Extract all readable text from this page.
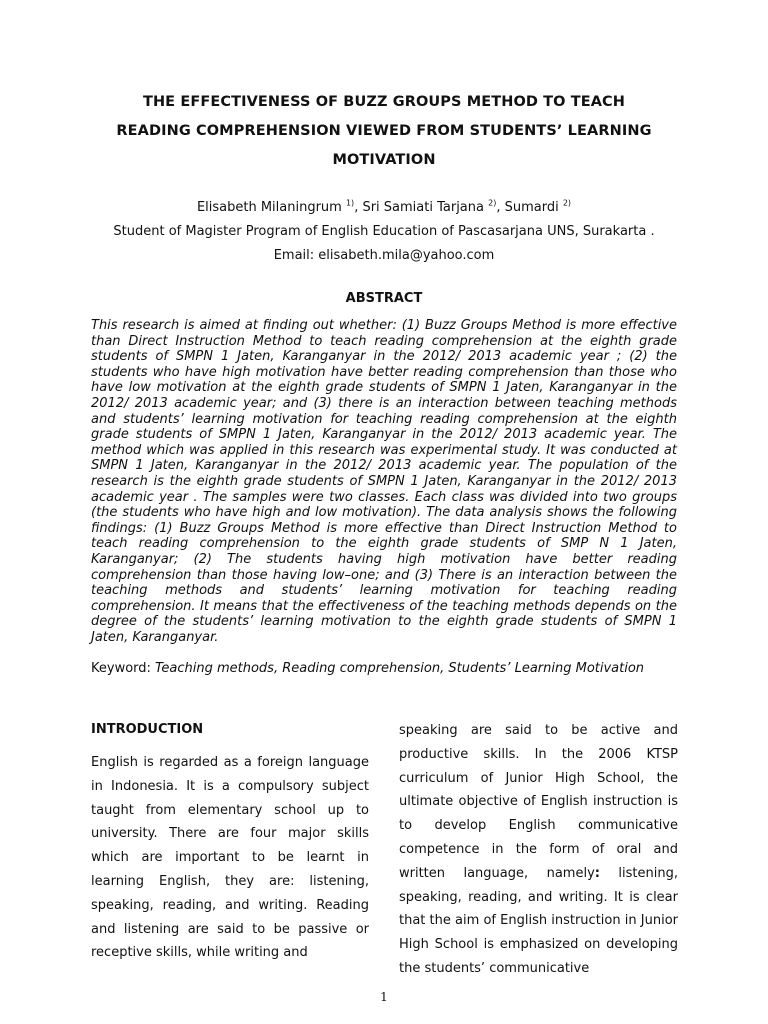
THE EFFECTIVENESS OF BUZZ GROUPS METHOD TO TEACH
READING COMPREHENSION VIEWED FROM STUDENTS’ LEARNING
MOTIVATION
Elisabeth Milaningrum $^{1)}$, Sri Samiati Tarjana $^{2)}$, Sumardi $^{2)}$
Student of Magister Program of English Education of Pascasarjana UNS, Surakarta .
Email: elisabeth.mila@yahoo.com
ABSTRACT

This research is aimed at finding out whether: (1) Buzz Groups Method is more effective than Direct Instruction Method to teach reading comprehension at the eighth grade students of SMPN 1 Jaten, Karanganyar in the 2012/ 2013 academic year ; (2) the students who have high motivation have better reading comprehension than those who have low motivation at the eighth grade students of SMPN 1 Jaten, Karanganyar in the 2012/ 2013 academic year; and (3) there is an interaction between teaching methods and students’ learning motivation for teaching reading comprehension at the eighth grade students of SMPN 1 Jaten, Karanganyar in the 2012/ 2013 academic year. The method which was applied in this research was experimental study. It was conducted at SMPN 1 Jaten, Karanganyar in the 2012/ 2013 academic year. The population of the research is the eighth grade students of SMPN 1 Jaten, Karanganyar in the 2012/ 2013 academic year . The samples were two classes. Each class was divided into two groups (the students who have high and low motivation). The data analysis shows the following findings: (1) Buzz Groups Method is more effective than Direct Instruction Method to teach reading comprehension to the eighth grade students of SMP N 1 Jaten, Karanganyar; (2) The students having high motivation have better reading comprehension than those having low–one; and (3) There is an interaction between the teaching methods and students’ learning motivation for teaching reading comprehension. It means that the effectiveness of the teaching methods depends on the degree of the students’ learning motivation to the eighth grade students of SMPN 1 Jaten, Karanganyar.

Keyword: Teaching methods, Reading comprehension, Students’ Learning Motivation

INTRODUCTION

English is regarded as a foreign language in Indonesia. It is a compulsory subject taught from elementary school up to university. There are four major skills which are important to be learnt in learning English, they are: listening, speaking, reading, and writing. Reading and listening are said to be passive or receptive skills, while writing and

speaking are said to be active and productive skills. In the 2006 KTSP curriculum of Junior High School, the ultimate objective of English instruction is to develop English communicative competence in the form of oral and written language, namely: listening, speaking, reading, and writing. It is clear that the aim of English instruction in Junior High School is emphasized on developing the students’ communicative

1
